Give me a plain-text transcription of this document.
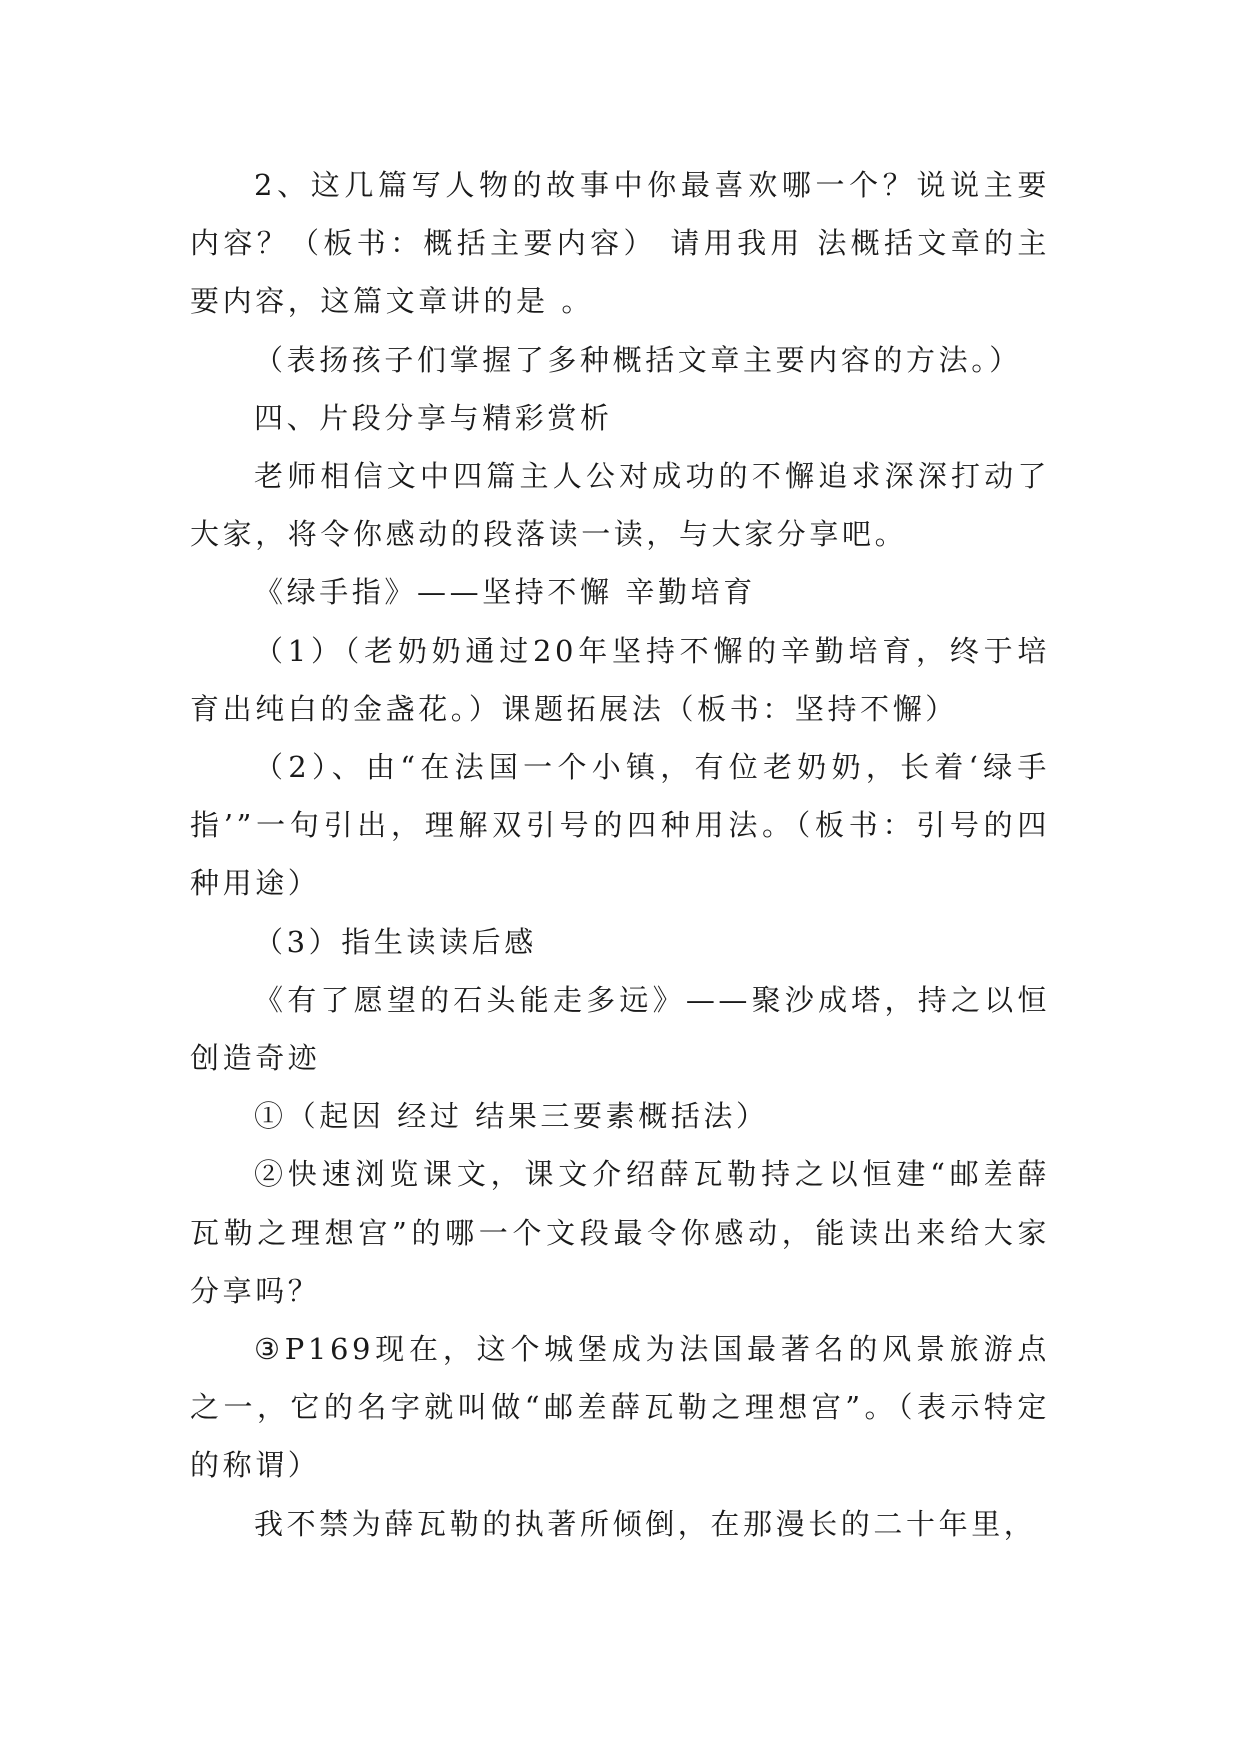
2、这几篇写人物的故事中你最喜欢哪一个？说说主要内容？（板书：概括主要内容） 请用我用 法概括文章的主要内容，这篇文章讲的是 。

（表扬孩子们掌握了多种概括文章主要内容的方法。）

四、片段分享与精彩赏析

老师相信文中四篇主人公对成功的不懈追求深深打动了大家，将令你感动的段落读一读，与大家分享吧。

《绿手指》——坚持不懈 辛勤培育

（1）（老奶奶通过20年坚持不懈的辛勤培育，终于培育出纯白的金盏花。）课题拓展法（板书：坚持不懈）

（2）、由“在法国一个小镇，有位老奶奶，长着‘绿手指’”一句引出，理解双引号的四种用法。（板书：引号的四种用途）

（3）指生读读后感

《有了愿望的石头能走多远》——聚沙成塔，持之以恒创造奇迹

①（起因 经过 结果三要素概括法）

②快速浏览课文，课文介绍薛瓦勒持之以恒建“邮差薛瓦勒之理想宫”的哪一个文段最令你感动，能读出来给大家分享吗？

③P169现在，这个城堡成为法国最著名的风景旅游点之一，它的名字就叫做“邮差薛瓦勒之理想宫”。（表示特定的称谓）

我不禁为薛瓦勒的执著所倾倒，在那漫长的二十年里，
